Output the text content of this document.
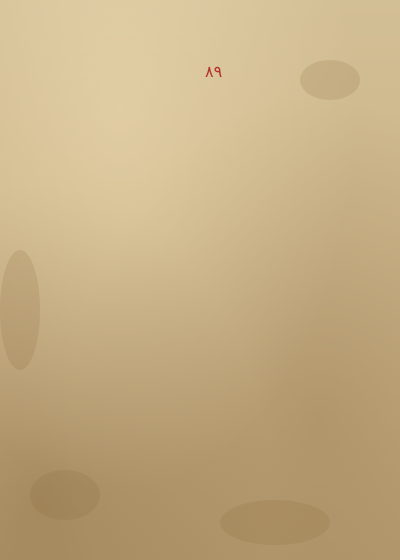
۸۹
